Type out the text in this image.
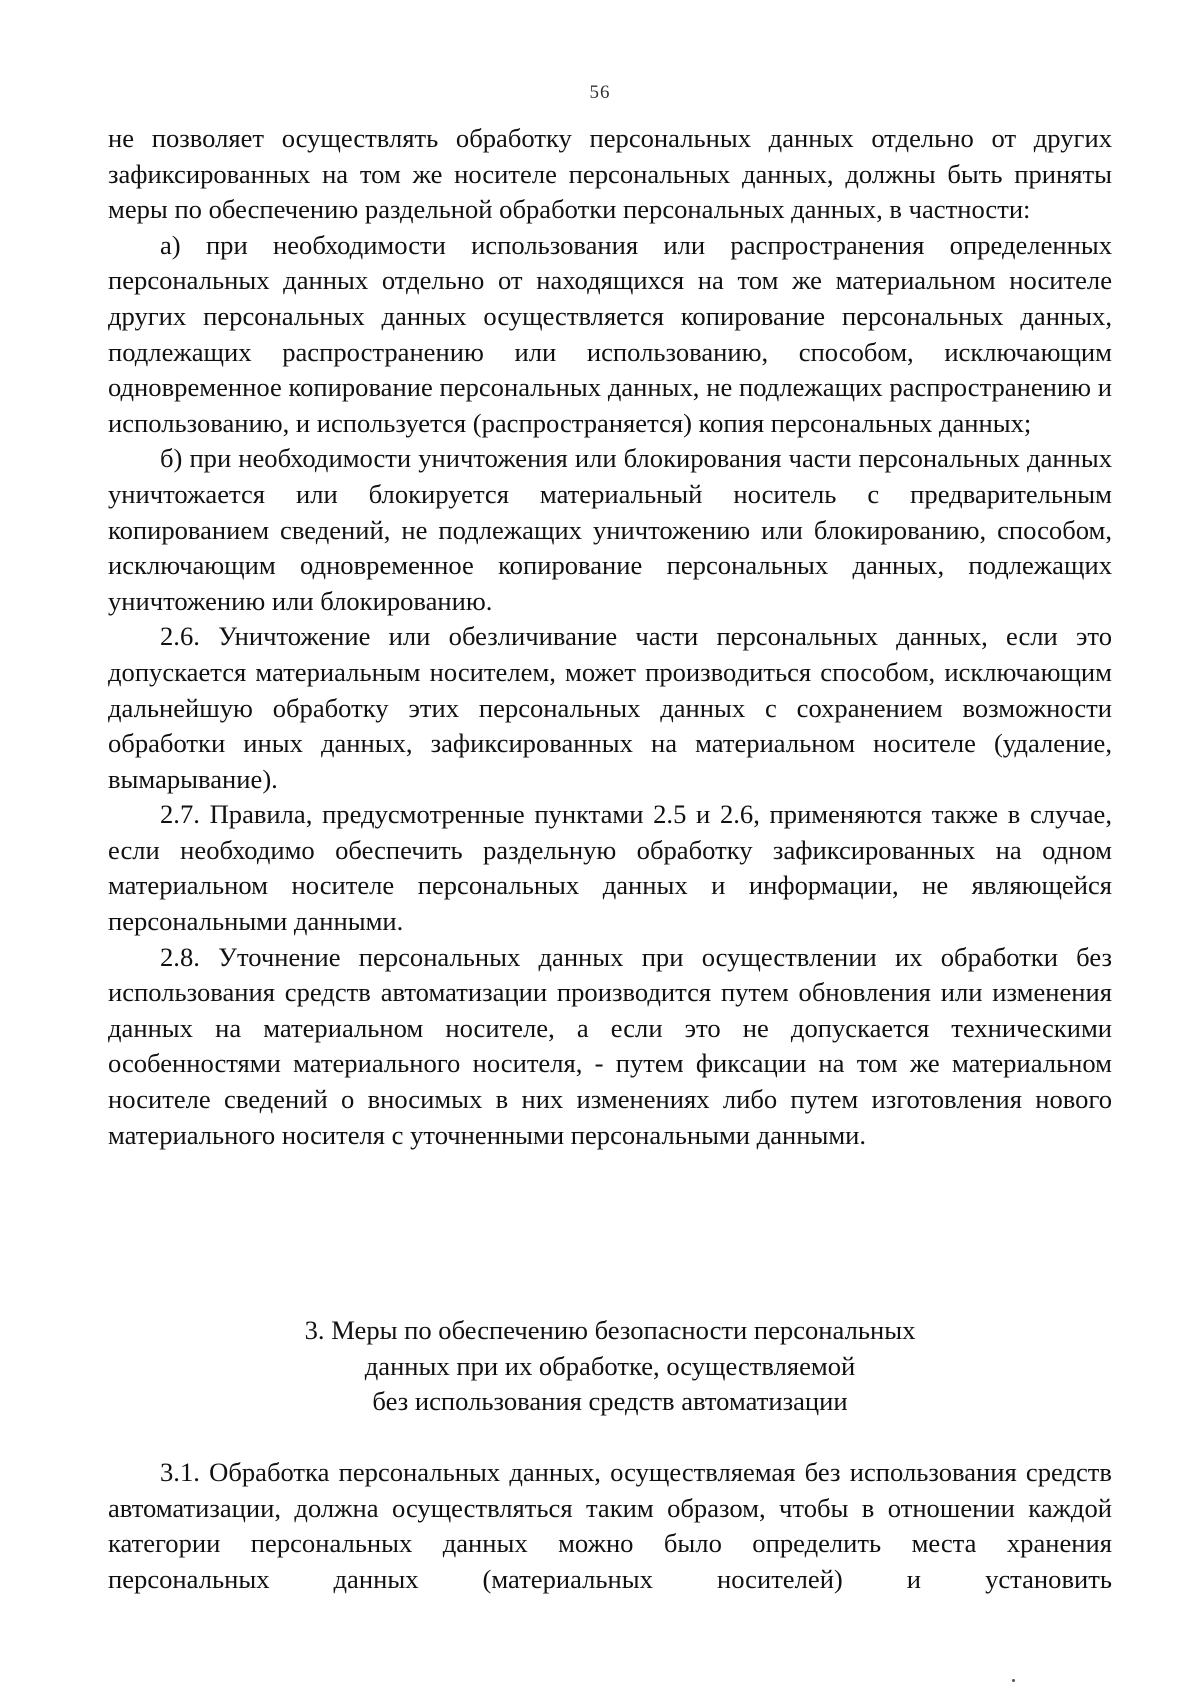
56

не позволяет осуществлять обработку персональных данных отдельно от других зафиксированных на том же носителе персональных данных, должны быть приняты меры по обеспечению раздельной обработки персональных данных, в частности:

а) при необходимости использования или распространения определенных персональных данных отдельно от находящихся на том же материальном носителе других персональных данных осуществляется копирование персональных данных, подлежащих распространению или использованию, способом, исключающим одновременное копирование персональных данных, не подлежащих распространению и использованию, и используется (распространяется) копия персональных данных;

б) при необходимости уничтожения или блокирования части персональных данных уничтожается или блокируется материальный носитель с предварительным копированием сведений, не подлежащих уничтожению или блокированию, способом, исключающим одновременное копирование персональных данных, подлежащих уничтожению или блокированию.

2.6. Уничтожение или обезличивание части персональных данных, если это допускается материальным носителем, может производиться способом, исключающим дальнейшую обработку этих персональных данных с сохранением возможности обработки иных данных, зафиксированных на материальном носителе (удаление, вымарывание).

2.7. Правила, предусмотренные пунктами 2.5 и 2.6, применяются также в случае, если необходимо обеспечить раздельную обработку зафиксированных на одном материальном носителе персональных данных и информации, не являющейся персональными данными.

2.8. Уточнение персональных данных при осуществлении их обработки без использования средств автоматизации производится путем обновления или изменения данных на материальном носителе, а если это не допускается техническими особенностями материального носителя, - путем фиксации на том же материальном носителе сведений о вносимых в них изменениях либо путем изготовления нового материального носителя с уточненными персональными данными.

3. Меры по обеспечению безопасности персональных
данных при их обработке, осуществляемой
без использования средств автоматизации

3.1. Обработка персональных данных, осуществляемая без использования средств автоматизации, должна осуществляться таким образом, чтобы в отношении каждой категории персональных данных можно было определить места хранения персональных данных (материальных носителей) и установить
